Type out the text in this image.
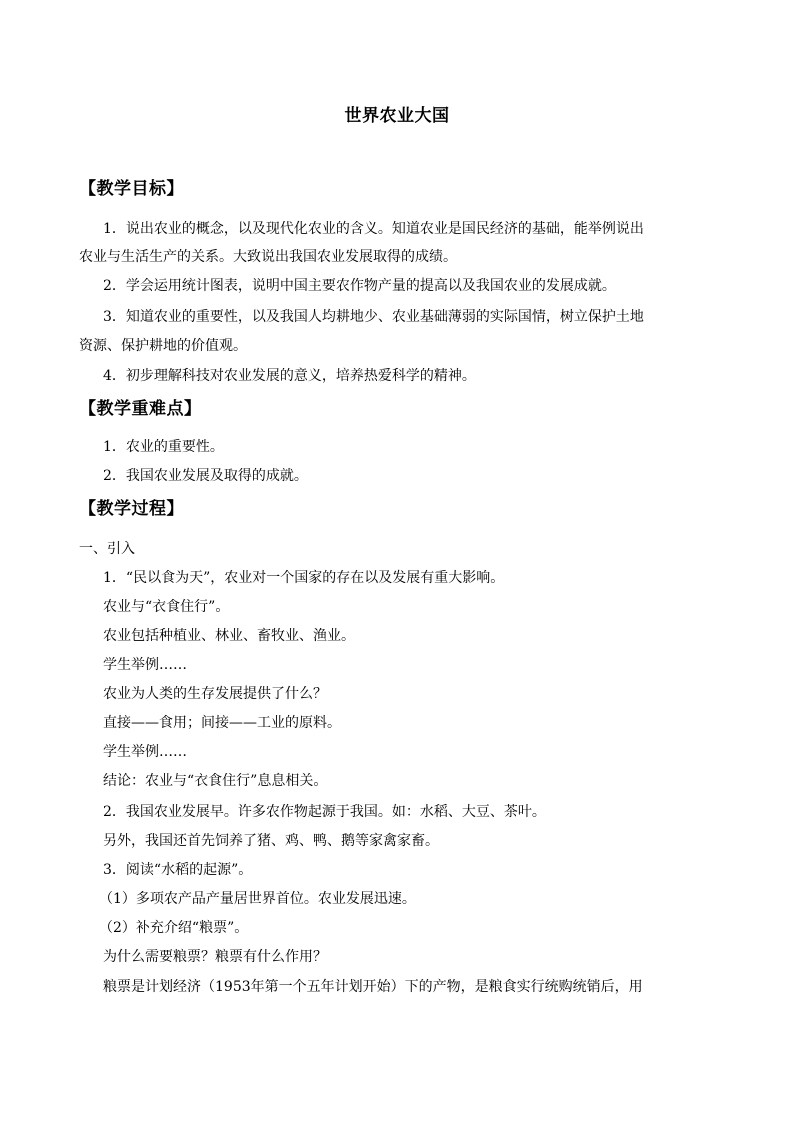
世界农业大国
【教学目标】
1．说出农业的概念，以及现代化农业的含义。知道农业是国民经济的基础，能举例说出
农业与生活生产的关系。大致说出我国农业发展取得的成绩。
2．学会运用统计图表，说明中国主要农作物产量的提高以及我国农业的发展成就。
3．知道农业的重要性，以及我国人均耕地少、农业基础薄弱的实际国情，树立保护土地
资源、保护耕地的价值观。
4．初步理解科技对农业发展的意义，培养热爱科学的精神。
【教学重难点】
1．农业的重要性。
2．我国农业发展及取得的成就。
【教学过程】
一、引入
1．“民以食为天”，农业对一个国家的存在以及发展有重大影响。
农业与“衣食住行”。
农业包括种植业、林业、畜牧业、渔业。
学生举例……
农业为人类的生存发展提供了什么？
直接——食用；间接——工业的原料。
学生举例……
结论：农业与“衣食住行”息息相关。
2．我国农业发展早。许多农作物起源于我国。如：水稻、大豆、茶叶。
另外，我国还首先饲养了猪、鸡、鸭、鹅等家禽家畜。
3．阅读“水稻的起源”。
（1）多项农产品产量居世界首位。农业发展迅速。
（2）补充介绍“粮票”。
为什么需要粮票？粮票有什么作用？
粮票是计划经济（1953年第一个五年计划开始）下的产物，是粮食实行统购统销后，用
